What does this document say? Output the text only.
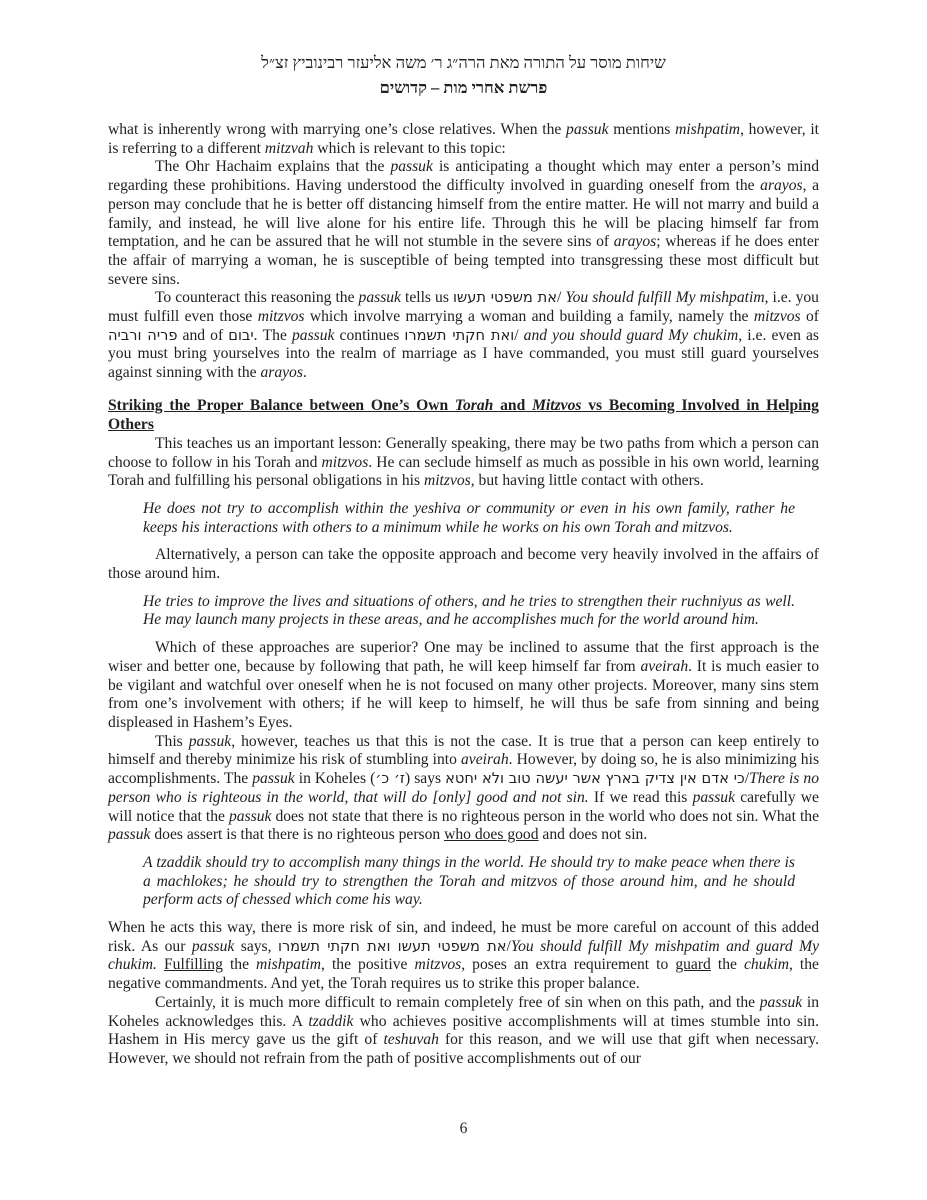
שיחות מוסר על התורה מאת הרה״ג ר׳ משה אליעזר רבינוביץ זצ״ל
פרשת אחרי מות – קדושים
what is inherently wrong with marrying one’s close relatives. When the passuk mentions mishpatim, however, it is referring to a different mitzvah which is relevant to this topic:
The Ohr Hachaim explains that the passuk is anticipating a thought which may enter a person’s mind regarding these prohibitions. Having understood the difficulty involved in guarding oneself from the arayos, a person may conclude that he is better off distancing himself from the entire matter. He will not marry and build a family, and instead, he will live alone for his entire life. Through this he will be placing himself far from temptation, and he can be assured that he will not stumble in the severe sins of arayos; whereas if he does enter the affair of marrying a woman, he is susceptible of being tempted into transgressing these most difficult but severe sins.
To counteract this reasoning the passuk tells us את משפטי תעשו/ You should fulfill My mishpatim, i.e. you must fulfill even those mitzvos which involve marrying a woman and building a family, namely the mitzvos of פריה ורביה and of יבום. The passuk continues ואת חקתי תשמרו/ and you should guard My chukim, i.e. even as you must bring yourselves into the realm of marriage as I have commanded, you must still guard yourselves against sinning with the arayos.
Striking the Proper Balance between One’s Own Torah and Mitzvos vs Becoming Involved in Helping Others
This teaches us an important lesson: Generally speaking, there may be two paths from which a person can choose to follow in his Torah and mitzvos. He can seclude himself as much as possible in his own world, learning Torah and fulfilling his personal obligations in his mitzvos, but having little contact with others.
He does not try to accomplish within the yeshiva or community or even in his own family, rather he keeps his interactions with others to a minimum while he works on his own Torah and mitzvos.
Alternatively, a person can take the opposite approach and become very heavily involved in the affairs of those around him.
He tries to improve the lives and situations of others, and he tries to strengthen their ruchniyus as well. He may launch many projects in these areas, and he accomplishes much for the world around him.
Which of these approaches are superior? One may be inclined to assume that the first approach is the wiser and better one, because by following that path, he will keep himself far from aveirah. It is much easier to be vigilant and watchful over oneself when he is not focused on many other projects. Moreover, many sins stem from one’s involvement with others; if he will keep to himself, he will thus be safe from sinning and being displeased in Hashem’s Eyes.
This passuk, however, teaches us that this is not the case. It is true that a person can keep entirely to himself and thereby minimize his risk of stumbling into aveirah. However, by doing so, he is also minimizing his accomplishments. The passuk in Koheles (ז׳ כ׳) says כי אדם אין צדיק בארץ אשר יעשה טוב ולא יחטא/There is no person who is righteous in the world, that will do [only] good and not sin. If we read this passuk carefully we will notice that the passuk does not state that there is no righteous person in the world who does not sin. What the passuk does assert is that there is no righteous person who does good and does not sin.
A tzaddik should try to accomplish many things in the world. He should try to make peace when there is a machlokes; he should try to strengthen the Torah and mitzvos of those around him, and he should perform acts of chessed which come his way.
When he acts this way, there is more risk of sin, and indeed, he must be more careful on account of this added risk. As our passuk says, את משפטי תעשו ואת חקתי תשמרו/You should fulfill My mishpatim and guard My chukim. Fulfilling the mishpatim, the positive mitzvos, poses an extra requirement to guard the chukim, the negative commandments. And yet, the Torah requires us to strike this proper balance.
Certainly, it is much more difficult to remain completely free of sin when on this path, and the passuk in Koheles acknowledges this. A tzaddik who achieves positive accomplishments will at times stumble into sin. Hashem in His mercy gave us the gift of teshuvah for this reason, and we will use that gift when necessary. However, we should not refrain from the path of positive accomplishments out of our
6
